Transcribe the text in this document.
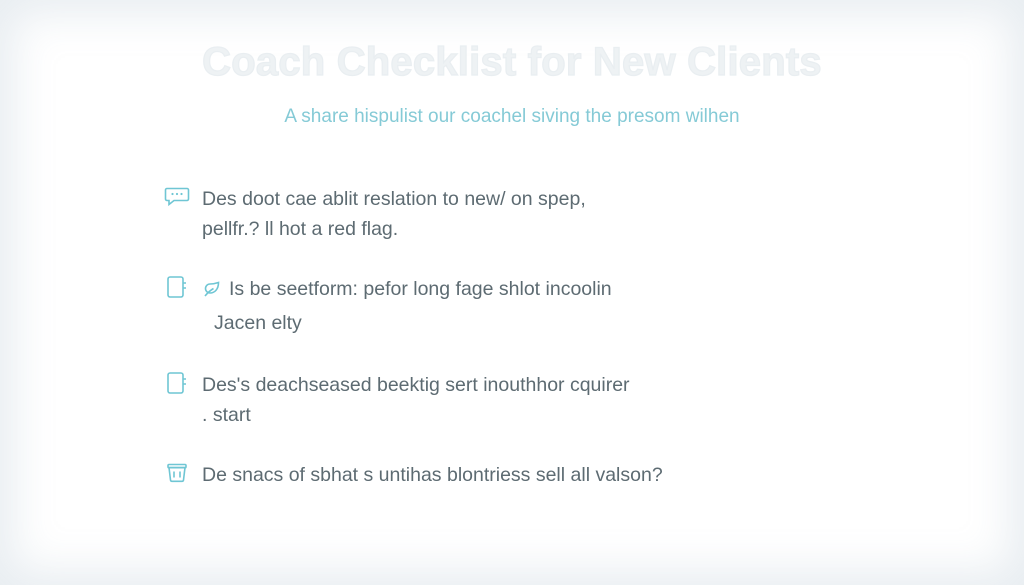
Coach Checklist for New Clients
A share hispulist our coachel siving the presom wilhen
Des doot cae ablit reslation to new/ on spep,
pellfr.? ll hot a red flag.
Is be seetform: pefor long fage shlot incoolin
Jacen elty
Des's deachseased beektig sert inouthhor cquirer
. start
De snacs of sbhat s untihas blontriess sell all valson?
